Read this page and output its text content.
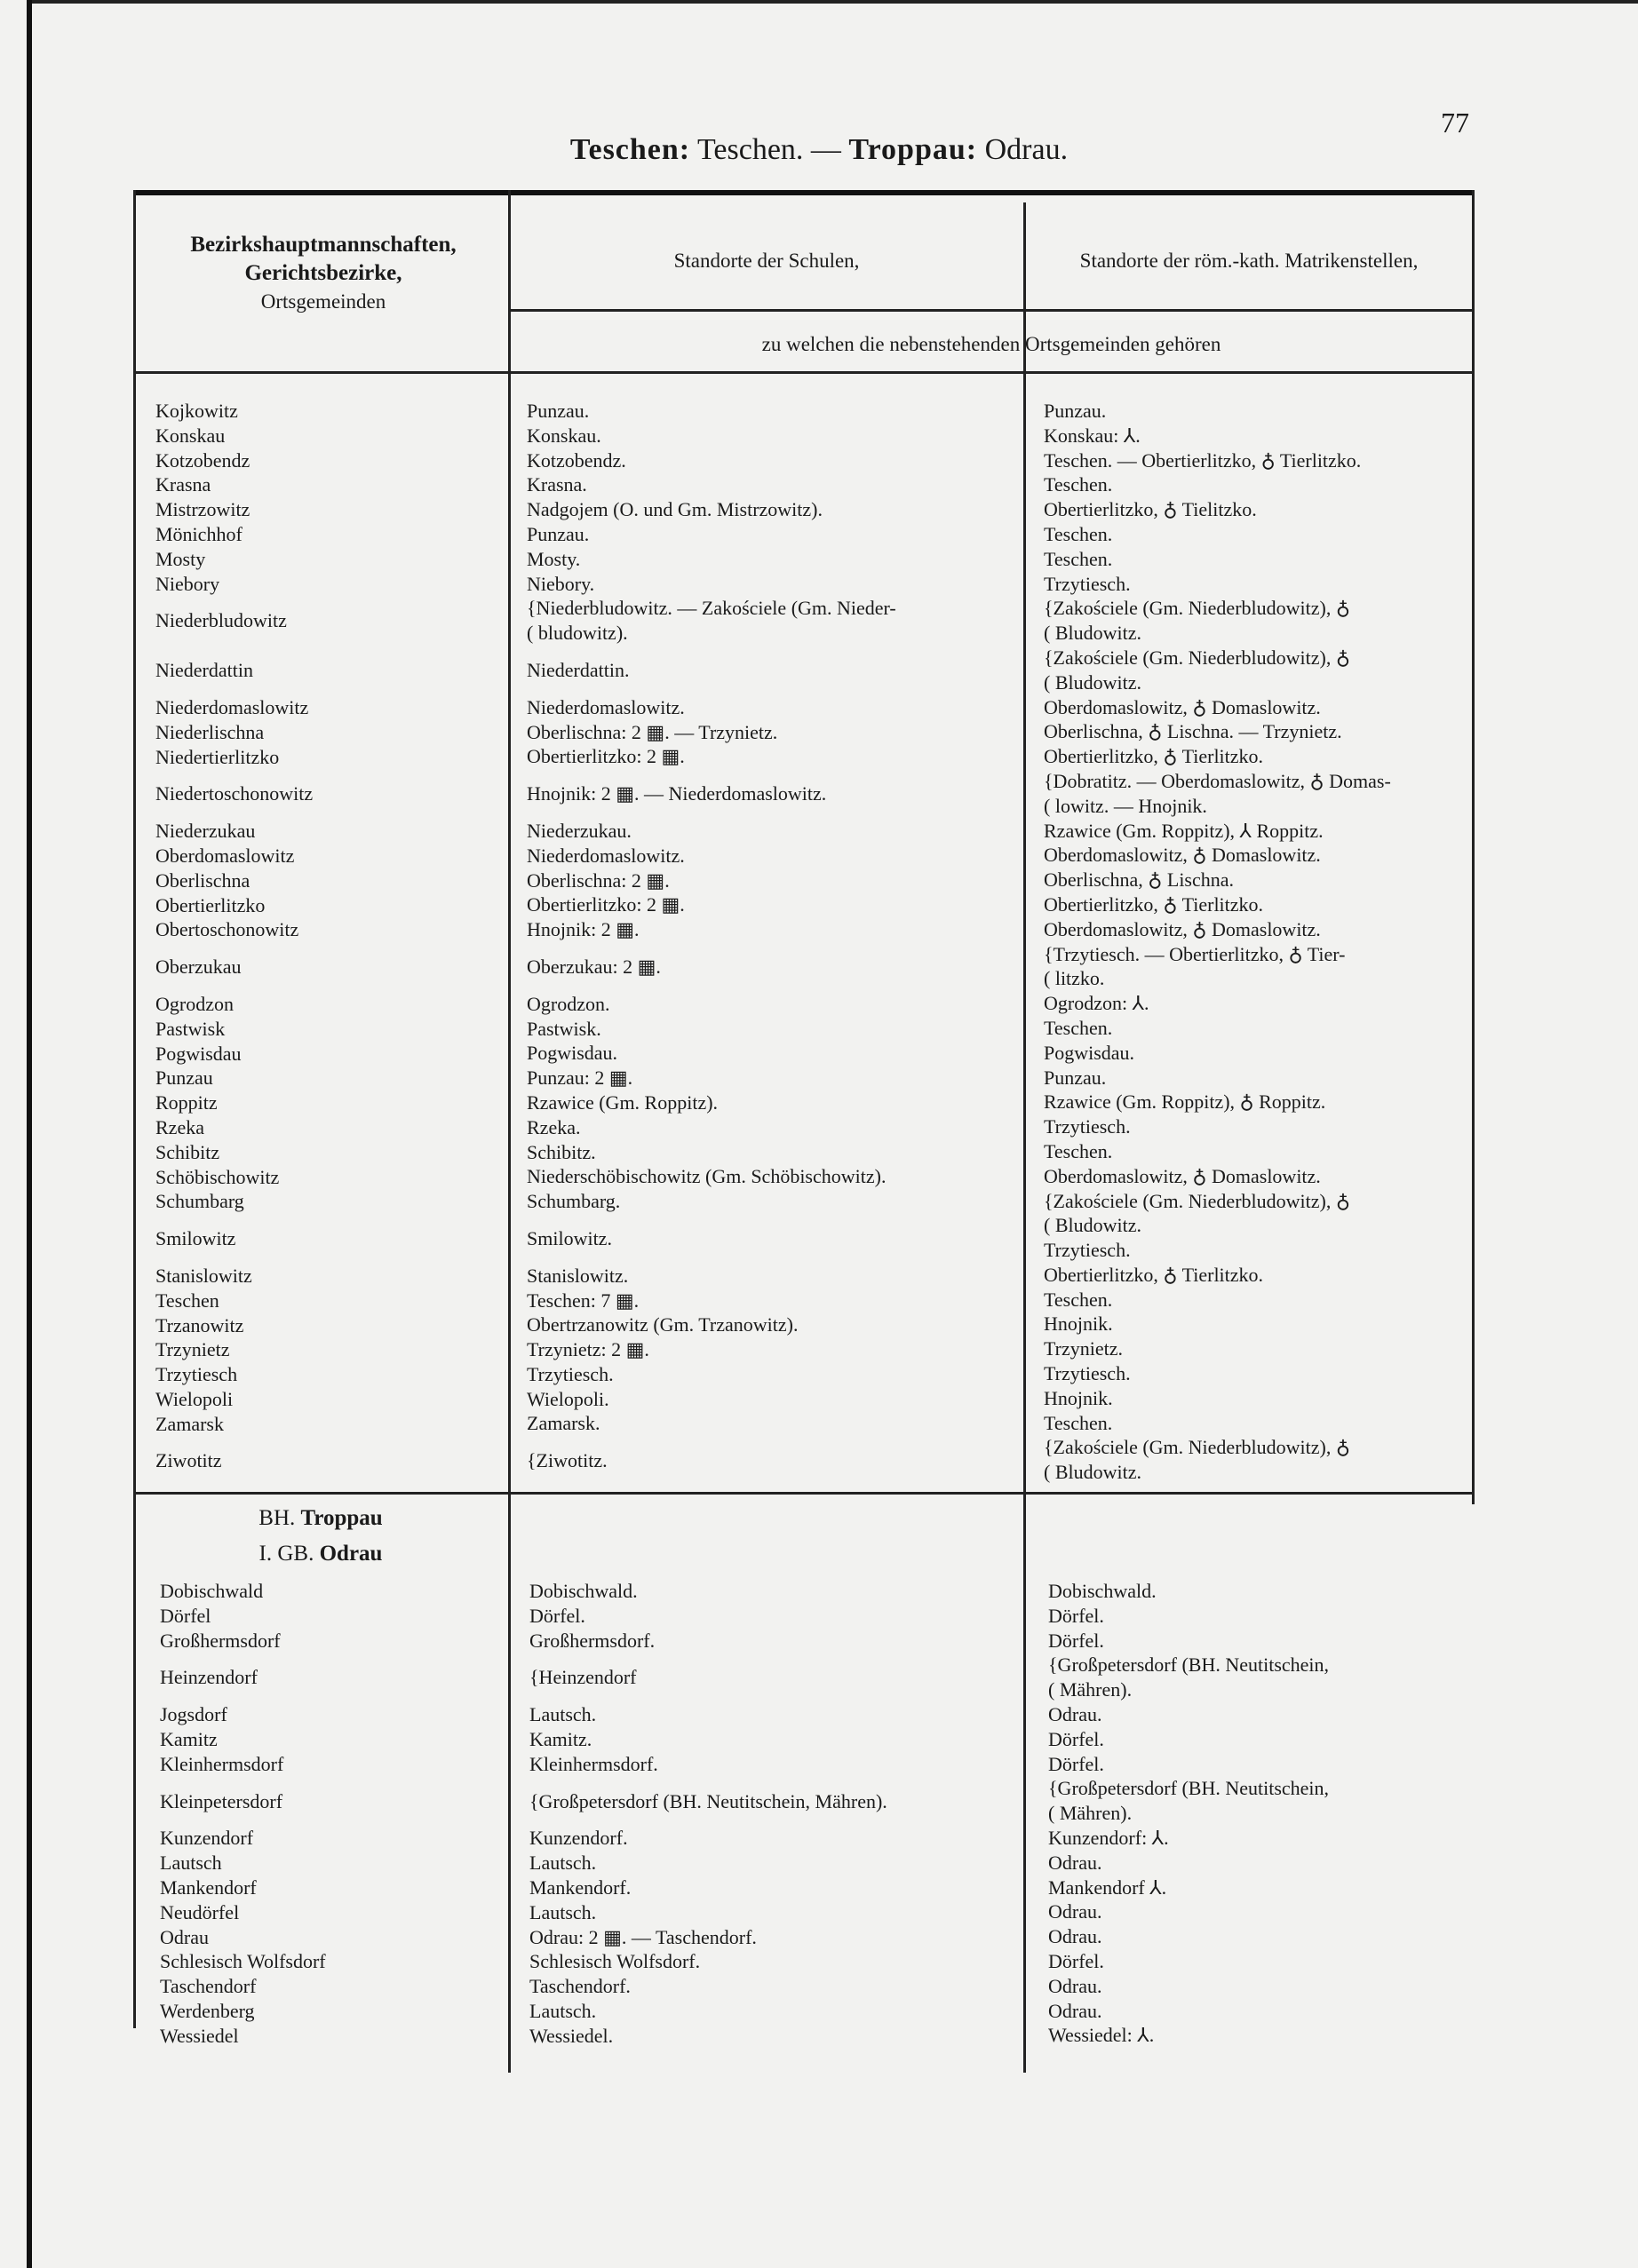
77
Teschen: Teschen. — Troppau: Odrau.
Bezirkshauptmannschaften,
Gerichtsbezirke,
Ortsgemeinden
Standorte der Schulen,	Standorte der röm.-kath. Matrikenstellen,
zu welchen die nebenstehenden Ortsgemeinden gehören
Kojkowitz
Konskau
Kotzobendz
Krasna
Mistrzowitz
Mönichhof
Mosty
Niebory
Niederbludowitz
Niederdattin
Niederdomaslowitz
Niederlischna
Niedertierlitzko
Niedertoschonowitz
Niederzukau
Oberdomaslowitz
Oberlischna
Obertierlitzko
Obertoschonowitz
Oberzukau
Ogrodzon
Pastwisk
Pogwisdau
Punzau
Roppitz
Rzeka
Schibitz
Schöbischowitz
Schumbarg
Smilowitz
Stanislowitz
Teschen
Trzanowitz
Trzynietz
Trzytiesch
Wielopoli
Zamarsk
Ziwotitz
Punzau.
Konskau.
Kotzobendz.
Krasna.
Nadgojem (O. und Gm. Mistrzowitz).
Punzau.
Mosty.
Niebory.
{Niederbludowitz. — Zakościele (Gm. Nieder-
( bludowitz).
Niederdattin.
Niederdomaslowitz.
Oberlischna: 2 ▦. — Trzynietz.
Obertierlitzko: 2 ▦.
Hnojnik: 2 ▦. — Niederdomaslowitz.
Niederzukau.
Niederdomaslowitz.
Oberlischna: 2 ▦.
Obertierlitzko: 2 ▦.
Hnojnik: 2 ▦.
Oberzukau: 2 ▦.
Ogrodzon.
Pastwisk.
Pogwisdau.
Punzau: 2 ▦.
Rzawice (Gm. Roppitz).
Rzeka.
Schibitz.
Niederschöbischowitz (Gm. Schöbischowitz).
Schumbarg.
Smilowitz.
Stanislowitz.
Teschen: 7 ▦.
Obertrzanowitz (Gm. Trzanowitz).
Trzynietz: 2 ▦.
Trzytiesch.
Wielopoli.
Zamarsk.
{Ziwotitz.
Punzau.
Konskau: ⅄.
Teschen. — Obertierlitzko, ♁ Tierlitzko.
Teschen.
Obertierlitzko, ♁ Tielitzko.
Teschen.
Teschen.
Trzytiesch.
{Zakościele (Gm. Niederbludowitz), ♁
( Bludowitz.
{Zakościele (Gm. Niederbludowitz), ♁
( Bludowitz.
Oberdomaslowitz, ♁ Domaslowitz.
Oberlischna, ♁ Lischna. — Trzynietz.
Obertierlitzko, ♁ Tierlitzko.
{Dobratitz. — Oberdomaslowitz, ♁ Domas-
( lowitz. — Hnojnik.
Rzawice (Gm. Roppitz), ⅄ Roppitz.
Oberdomaslowitz, ♁ Domaslowitz.
Oberlischna, ♁ Lischna.
Obertierlitzko, ♁ Tierlitzko.
Oberdomaslowitz, ♁ Domaslowitz.
{Trzytiesch. — Obertierlitzko, ♁ Tier-
( litzko.
Ogrodzon: ⅄.
Teschen.
Pogwisdau.
Punzau.
Rzawice (Gm. Roppitz), ♁ Roppitz.
Trzytiesch.
Teschen.
Oberdomaslowitz, ♁ Domaslowitz.
{Zakościele (Gm. Niederbludowitz), ♁
( Bludowitz.
Trzytiesch.
Obertierlitzko, ♁ Tierlitzko.
Teschen.
Hnojnik.
Trzynietz.
Trzytiesch.
Hnojnik.
Teschen.
{Zakościele (Gm. Niederbludowitz), ♁
( Bludowitz.
BH. Troppau
I. GB. Odrau
Dobischwald
Dörfel
Großhermsdorf
Heinzendorf
Jogsdorf
Kamitz
Kleinhermsdorf
Kleinpetersdorf
Kunzendorf
Lautsch
Mankendorf
Neudörfel
Odrau
Schlesisch Wolfsdorf
Taschendorf
Werdenberg
Wessiedel
Dobischwald.
Dörfel.
Großhermsdorf.
{Heinzendorf
Lautsch.
Kamitz.
Kleinhermsdorf.
{Großpetersdorf (BH. Neutitschein, Mähren).
Kunzendorf.
Lautsch.
Mankendorf.
Lautsch.
Odrau: 2 ▦. — Taschendorf.
Schlesisch Wolfsdorf.
Taschendorf.
Lautsch.
Wessiedel.
Dobischwald.
Dörfel.
Dörfel.
{Großpetersdorf (BH. Neutitschein,
( Mähren).
Odrau.
Dörfel.
Dörfel.
{Großpetersdorf (BH. Neutitschein,
( Mähren).
Kunzendorf: ⅄.
Odrau.
Mankendorf ⅄.
Odrau.
Odrau.
Dörfel.
Odrau.
Odrau.
Wessiedel: ⅄.
